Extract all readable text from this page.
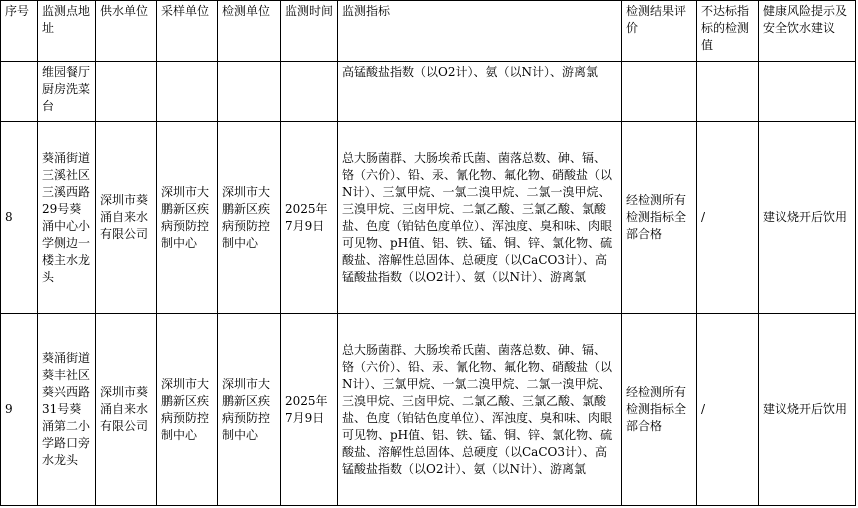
序号	监测点地址	供水单位	采样单位	检测单位	监测时间	监测指标	检测结果评价	不达标指标的检测值	健康风险提示及安全饮水建议
	维园餐厅厨房洗菜台					高锰酸盐指数（以O2计）、氨（以N计）、游离氯			
8	葵涌街道三溪社区三溪西路29号葵涌中心小学侧边一楼主水龙头	深圳市葵涌自来水有限公司	深圳市大鹏新区疾病预防控制中心	深圳市大鹏新区疾病预防控制中心	2025年7月9日	总大肠菌群、大肠埃希氏菌、菌落总数、砷、镉、铬（六价）、铅、汞、氰化物、氟化物、硝酸盐（以N计）、三氯甲烷、一氯二溴甲烷、二氯一溴甲烷、三溴甲烷、三卤甲烷、二氯乙酸、三氯乙酸、氯酸盐、色度（铂钴色度单位）、浑浊度、臭和味、肉眼可见物、pH值、铝、铁、锰、铜、锌、氯化物、硫酸盐、溶解性总固体、总硬度（以CaCO3计）、高锰酸盐指数（以O2计）、氨（以N计）、游离氯	经检测所有检测指标全部合格	/	建议烧开后饮用
9	葵涌街道葵丰社区葵兴西路31号葵涌第二小学路口旁水龙头	深圳市葵涌自来水有限公司	深圳市大鹏新区疾病预防控制中心	深圳市大鹏新区疾病预防控制中心	2025年7月9日	总大肠菌群、大肠埃希氏菌、菌落总数、砷、镉、铬（六价）、铅、汞、氰化物、氟化物、硝酸盐（以N计）、三氯甲烷、一氯二溴甲烷、二氯一溴甲烷、三溴甲烷、三卤甲烷、二氯乙酸、三氯乙酸、氯酸盐、色度（铂钴色度单位）、浑浊度、臭和味、肉眼可见物、pH值、铝、铁、锰、铜、锌、氯化物、硫酸盐、溶解性总固体、总硬度（以CaCO3计）、高锰酸盐指数（以O2计）、氨（以N计）、游离氯	经检测所有检测指标全部合格	/	建议烧开后饮用
